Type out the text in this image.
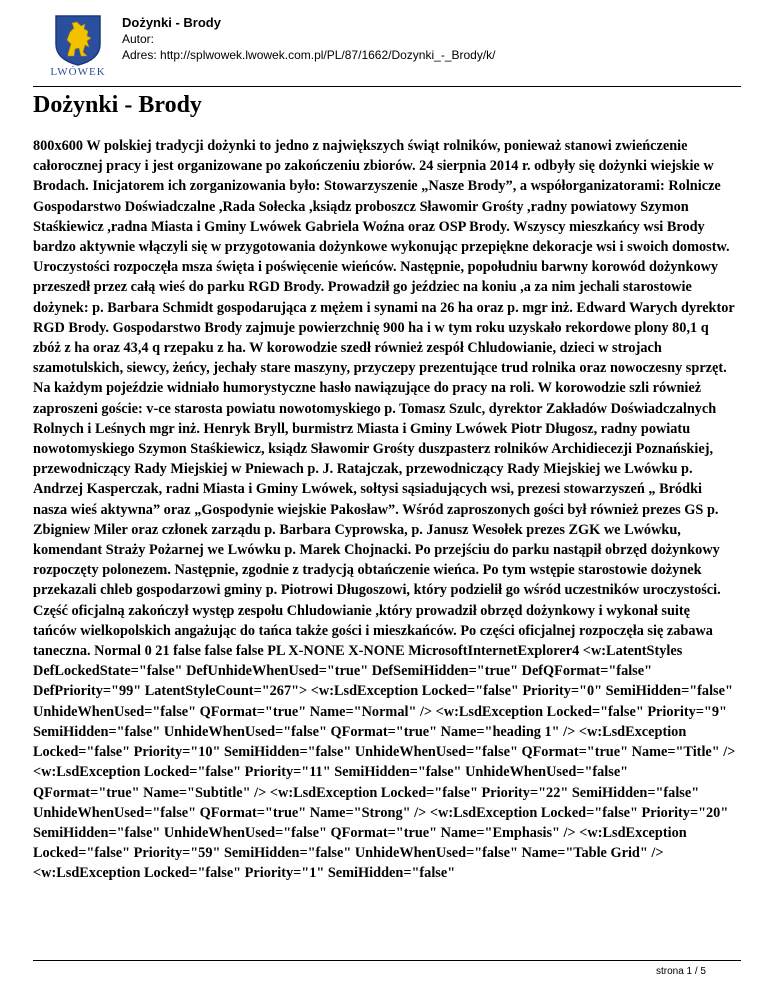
LWÓWEK
Dożynki - Brody
Autor:
Adres: http://splwowek.lwowek.com.pl/PL/87/1662/Dozynki_-_Brody/k/
Dożynki - Brody
800x600 W polskiej tradycji dożynki to jedno z największych świąt rolników, ponieważ stanowi zwieńczenie całorocznej pracy i jest organizowane po zakończeniu zbiorów. 24 sierpnia 2014 r. odbyły się dożynki wiejskie w Brodach. Inicjatorem ich zorganizowania było: Stowarzyszenie „Nasze Brody”, a współorganizatorami: Rolnicze Gospodarstwo Doświadczalne ,Rada Sołecka ,ksiądz proboszcz Sławomir Grośty ,radny powiatowy Szymon Staśkiewicz ,radna Miasta i Gminy Lwówek Gabriela Woźna oraz OSP Brody. Wszyscy mieszkańcy wsi Brody bardzo aktywnie włączyli się w przygotowania dożynkowe wykonując przepiękne dekoracje wsi i swoich domostw. Uroczystości rozpoczęła msza święta i poświęcenie wieńców. Następnie, popołudniu barwny korowód dożynkowy przeszedł przez całą wieś do parku RGD Brody. Prowadził go jeździec na koniu ,a za nim jechali starostowie dożynek: p. Barbara Schmidt gospodarująca z mężem i synami na 26 ha oraz p. mgr inż. Edward Warych dyrektor RGD Brody. Gospodarstwo Brody zajmuje powierzchnię 900 ha i w tym roku uzyskało rekordowe plony 80,1 q zbóż z ha oraz 43,4 q rzepaku z ha. W korowodzie szedł również zespół Chludowianie, dzieci w strojach szamotulskich, siewcy, żeńcy, jechały stare maszyny, przyczepy prezentujące trud rolnika oraz nowoczesny sprzęt. Na każdym pojeździe widniało humorystyczne hasło nawiązujące do pracy na roli. W korowodzie szli również zaproszeni goście: v-ce starosta powiatu nowotomyskiego p. Tomasz Szulc, dyrektor Zakładów Doświadczalnych Rolnych i Leśnych mgr inż. Henryk Bryll, burmistrz Miasta i Gminy Lwówek Piotr Długosz, radny powiatu nowotomyskiego Szymon Staśkiewicz, ksiądz Sławomir Grośty duszpasterz rolników Archidiecezji Poznańskiej, przewodniczący Rady Miejskiej w Pniewach p. J. Ratajczak, przewodniczący Rady Miejskiej we Lwówku p. Andrzej Kasperczak, radni Miasta i Gminy Lwówek, sołtysi sąsiadujących wsi, prezesi stowarzyszeń „ Bródki nasza wieś aktywna” oraz „Gospodynie wiejskie Pakosław”. Wśród zaproszonych gości był również prezes GS p. Zbigniew Miler oraz członek zarządu p. Barbara Cyprowska, p. Janusz Wesołek prezes ZGK we Lwówku, komendant Straży Pożarnej we Lwówku p. Marek Chojnacki. Po przejściu do parku nastąpił obrzęd dożynkowy rozpoczęty polonezem. Następnie, zgodnie z tradycją obtańczenie wieńca. Po tym wstępie starostowie dożynek przekazali chleb gospodarzowi gminy p. Piotrowi Długoszowi, który podzielił go wśród uczestników uroczystości. Część oficjalną zakończył występ zespołu Chludowianie ,który prowadził obrzęd dożynkowy i wykonał suitę tańców wielkopolskich angażując do tańca także gości i mieszkańców. Po części oficjalnej rozpoczęła się zabawa taneczna. Normal 0 21 false false false PL X-NONE X-NONE MicrosoftInternetExplorer4 <w:LatentStyles DefLockedState="false" DefUnhideWhenUsed="true" DefSemiHidden="true" DefQFormat="false" DefPriority="99" LatentStyleCount="267"> <w:LsdException Locked="false" Priority="0" SemiHidden="false" UnhideWhenUsed="false" QFormat="true" Name="Normal" /> <w:LsdException Locked="false" Priority="9" SemiHidden="false" UnhideWhenUsed="false" QFormat="true" Name="heading 1" /> <w:LsdException Locked="false" Priority="10" SemiHidden="false" UnhideWhenUsed="false" QFormat="true" Name="Title" /> <w:LsdException Locked="false" Priority="11" SemiHidden="false" UnhideWhenUsed="false" QFormat="true" Name="Subtitle" /> <w:LsdException Locked="false" Priority="22" SemiHidden="false" UnhideWhenUsed="false" QFormat="true" Name="Strong" /> <w:LsdException Locked="false" Priority="20" SemiHidden="false" UnhideWhenUsed="false" QFormat="true" Name="Emphasis" /> <w:LsdException Locked="false" Priority="59" SemiHidden="false" UnhideWhenUsed="false" Name="Table Grid" /> <w:LsdException Locked="false" Priority="1" SemiHidden="false"
strona 1 / 5
